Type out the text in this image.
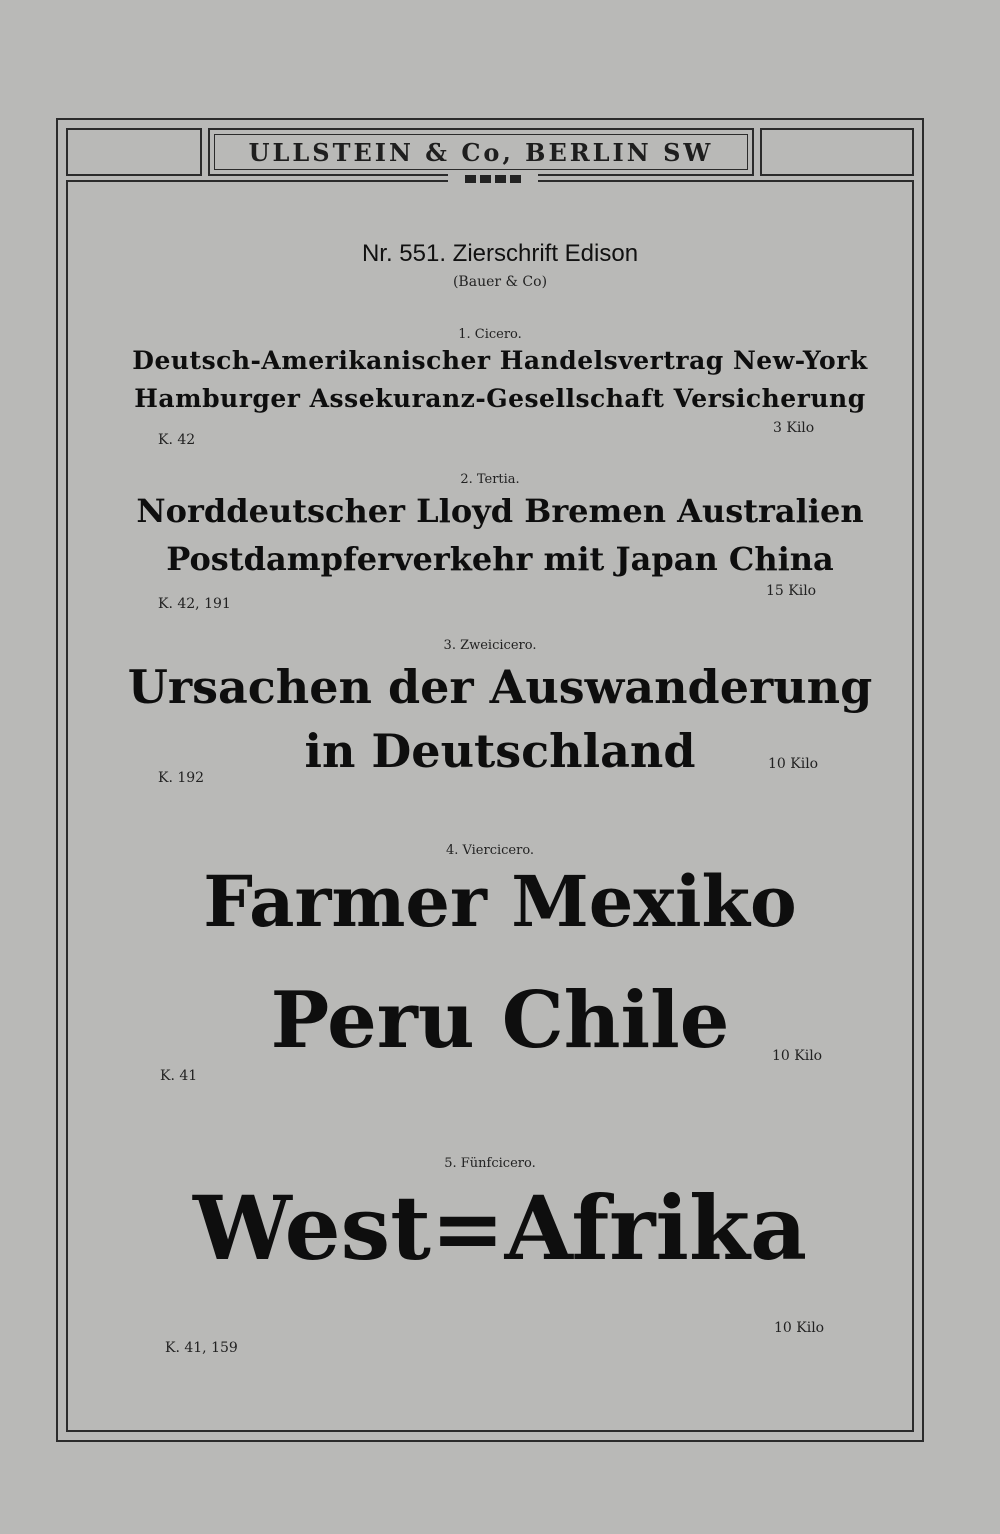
ULLSTEIN & Co, BERLIN SW
Nr. 551. Zierschrift Edison
(Bauer & Co)
1. Cicero.
Deutsch-Amerikanischer Handelsvertrag New-York
Hamburger Assekuranz-Gesellschaft Versicherung
K. 42
3 Kilo
2. Tertia.
Norddeutscher Lloyd Bremen Australien
Postdampferverkehr mit Japan China
K. 42, 191
15 Kilo
3. Zweicicero.
Ursachen der Auswanderung
in Deutschland
K. 192
10 Kilo
4. Viercicero.
Farmer Mexiko
Peru Chile
K. 41
10 Kilo
5. Fünfcicero.
West=Afrika
K. 41, 159
10 Kilo
